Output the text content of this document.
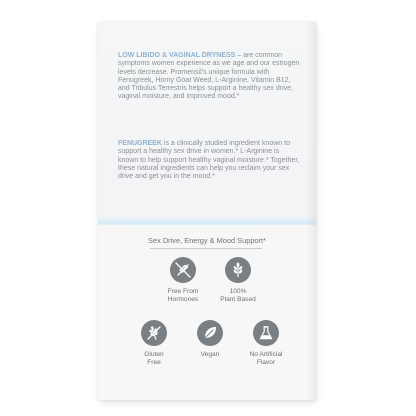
LOW LIBIDO & VAGINAL DRYNESS – are common symptoms women experience as we age and our estrogen levels decrease. Promensil’s unique formula with Fenugreek, Horny Goat Weed, L-Arginine, Vitamin B12, and Tribulus Terrestris helps support a healthy sex drive, vaginal moisture, and improved mood.*

FENUGREEK is a clinically studied ingredient known to support a healthy sex drive in women.* L-Arginine is known to help support healthy vaginal moisture.* Together, these natural ingredients can help you reclaim your sex drive and get you in the mood.*

Sex Drive, Energy & Mood Support*
Free From
Hormones
100%
Plant Based
Gluten
Free
Vegan	No Artificial
Flavor
